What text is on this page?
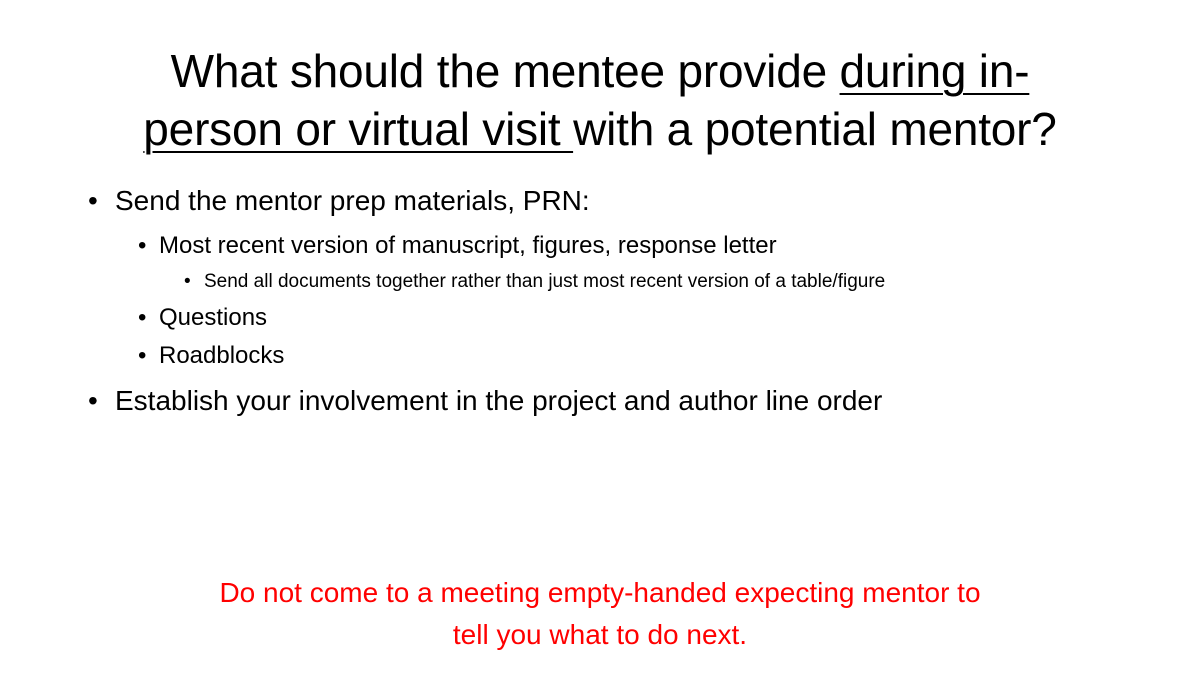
What should the mentee provide during in-
person or virtual visit with a potential mentor?
• Send the mentor prep materials, PRN:
• Most recent version of manuscript, figures, response letter
• Send all documents together rather than just most recent version of a table/figure
• Questions
• Roadblocks
• Establish your involvement in the project and author line order
Do not come to a meeting empty-handed expecting mentor to
tell you what to do next.
